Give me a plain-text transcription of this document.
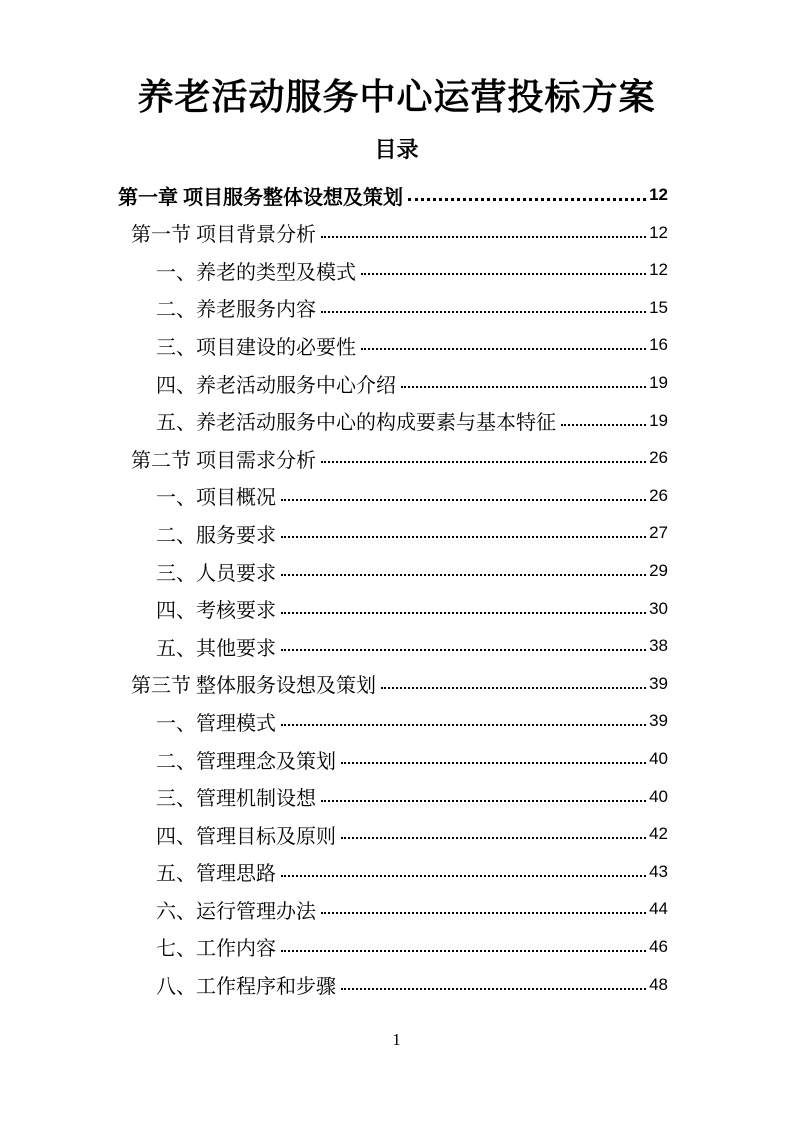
养老活动服务中心运营投标方案
目录
第一章 项目服务整体设想及策划	12
第一节 项目背景分析	12
一、养老的类型及模式	12
二、养老服务内容	15
三、项目建设的必要性	16
四、养老活动服务中心介绍	19
五、养老活动服务中心的构成要素与基本特征	19
第二节 项目需求分析	26
一、项目概况	26
二、服务要求	27
三、人员要求	29
四、考核要求	30
五、其他要求	38
第三节 整体服务设想及策划	39
一、管理模式	39
二、管理理念及策划	40
三、管理机制设想	40
四、管理目标及原则	42
五、管理思路	43
六、运行管理办法	44
七、工作内容	46
八、工作程序和步骤	48
1
